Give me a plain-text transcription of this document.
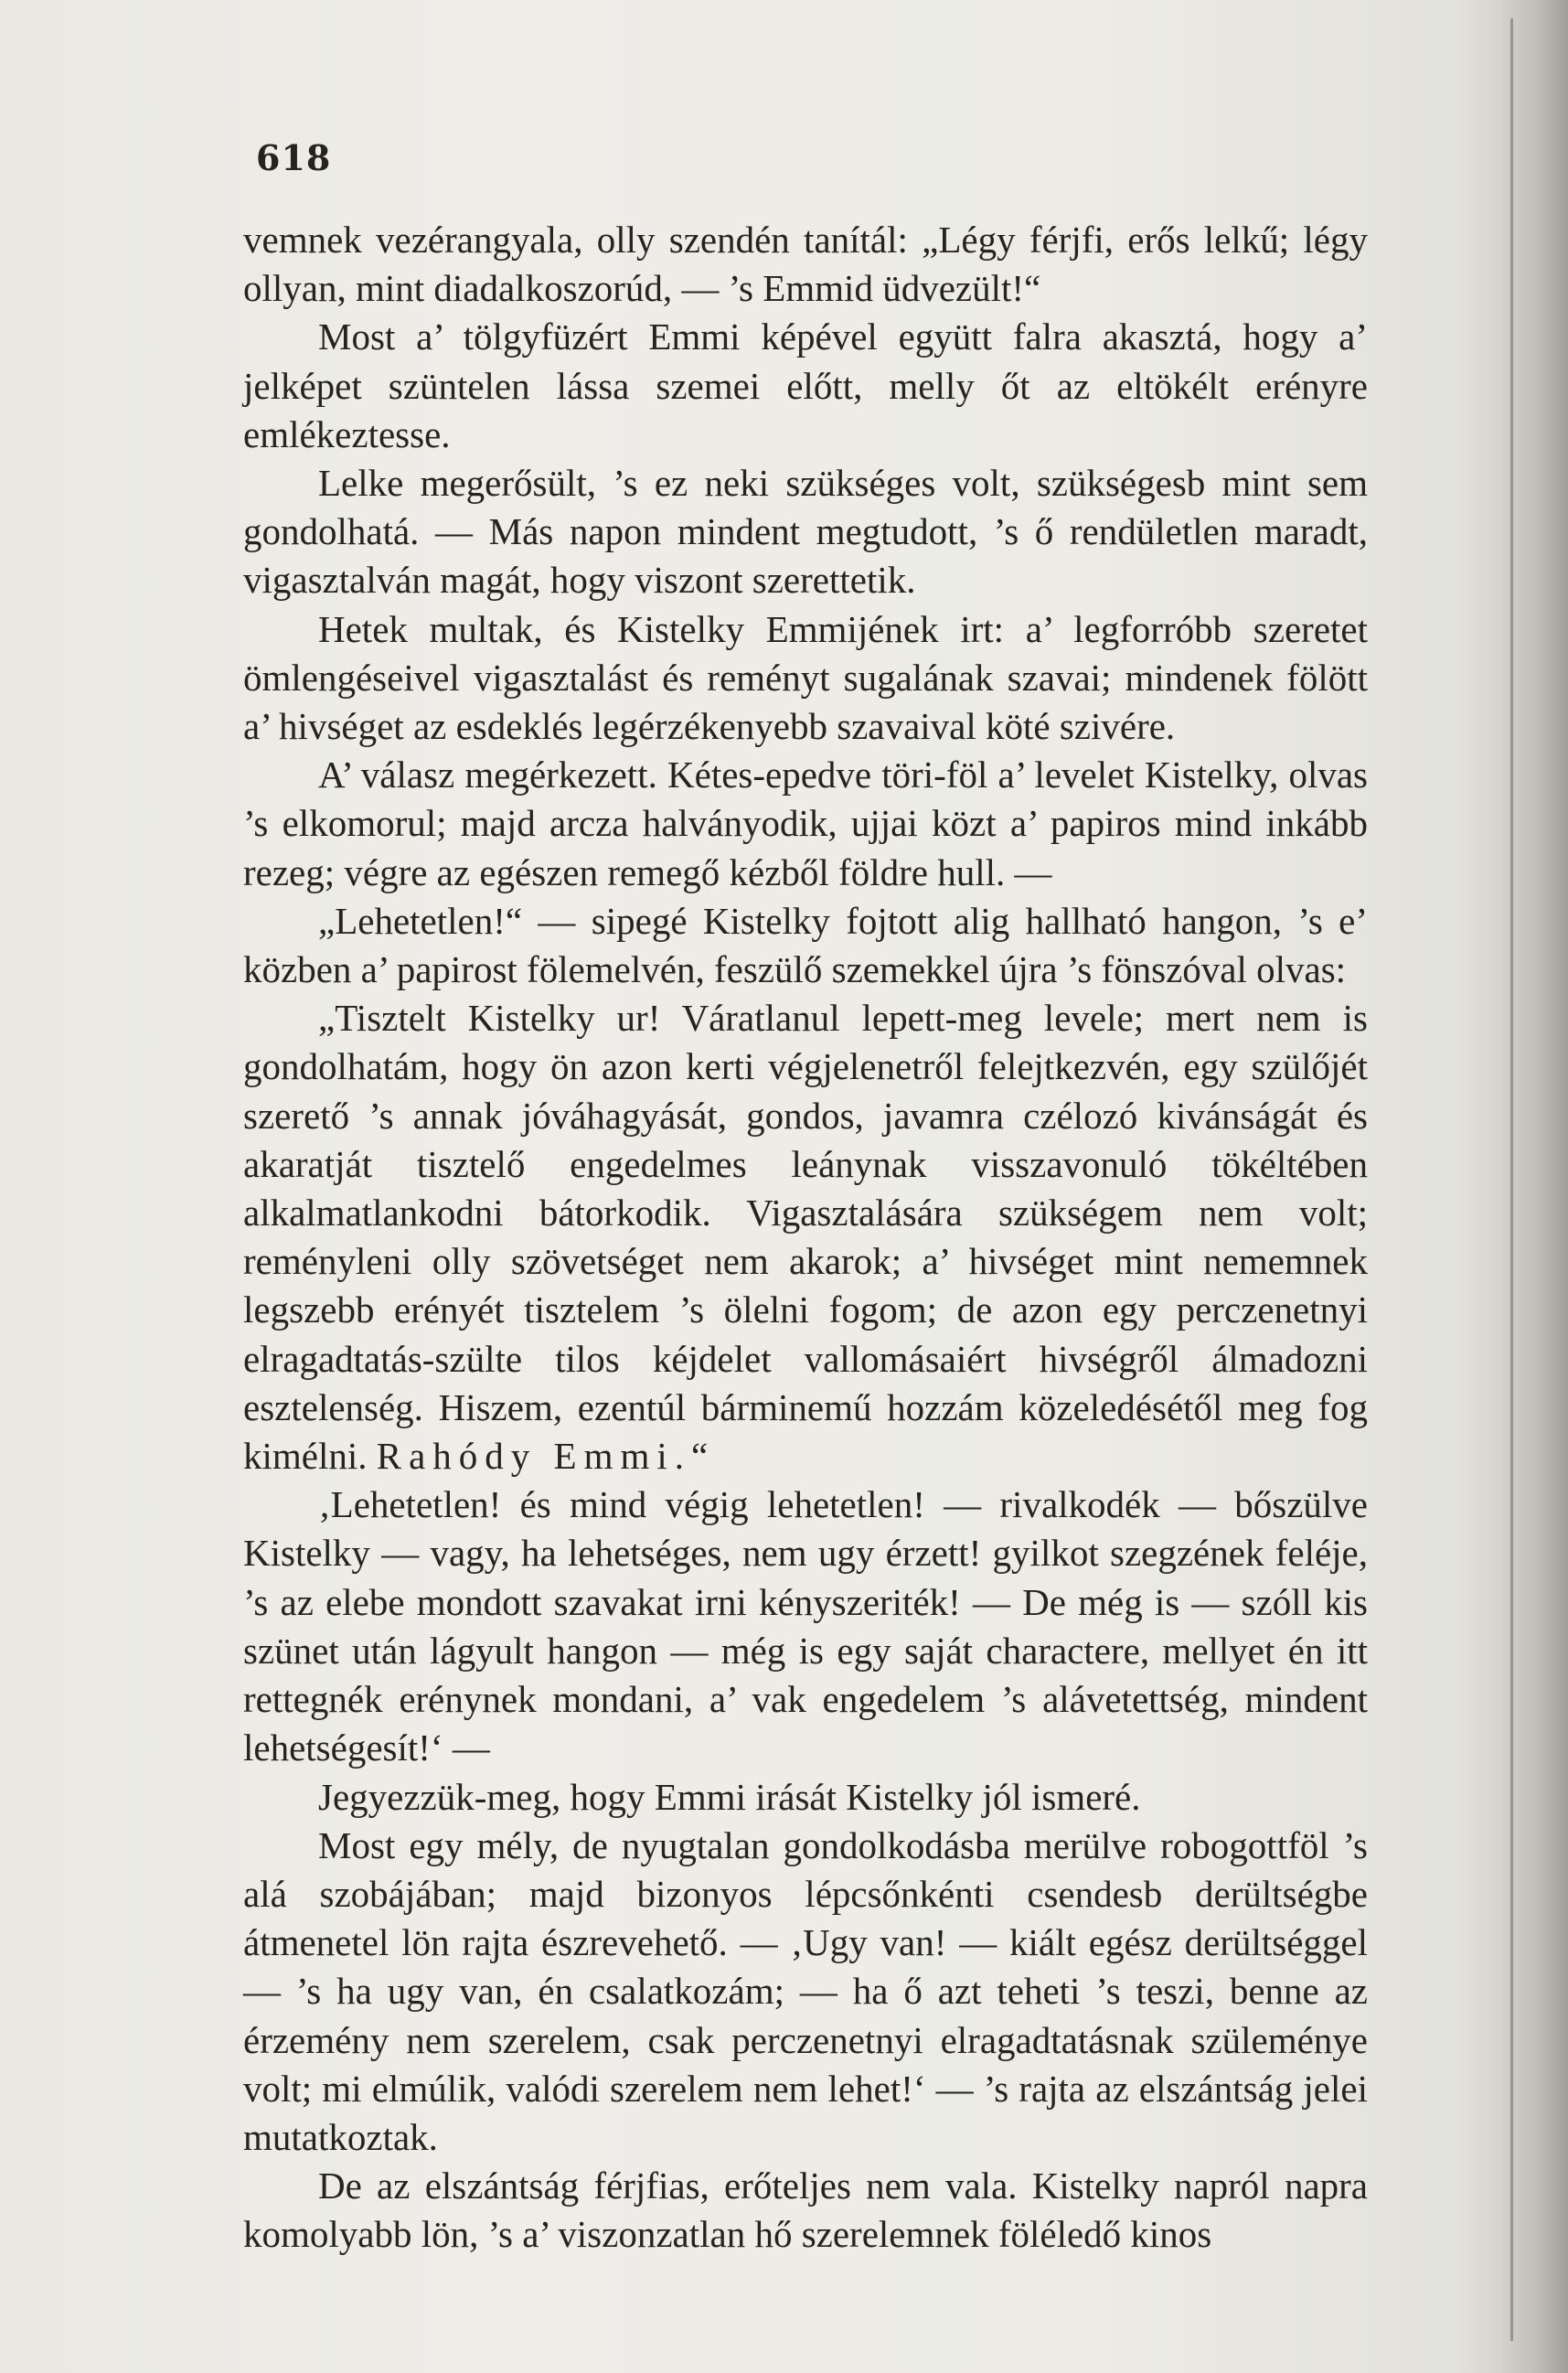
618

vemnek vezérangyala, olly szendén tanítál: „Légy férjfi, erős lelkű; légy ollyan, mint diadalkoszorúd, — ’s Emmid üdvezült!“

Most a’ tölgyfüzért Emmi képével együtt falra akasztá, hogy a’ jelképet szüntelen lássa szemei előtt, melly őt az eltökélt erényre emlékeztesse.

Lelke megerősült, ’s ez neki szükséges volt, szükségesb mint sem gondolhatá. — Más napon mindent megtudott, ’s ő rendületlen maradt, vigasztalván magát, hogy viszont szerettetik.

Hetek multak, és Kistelky Emmijének irt: a’ legforróbb szeretet ömlengéseivel vigasztalást és reményt sugalának szavai; mindenek fölött a’ hivséget az esdeklés legérzékenyebb szavaival köté szivére.

A’ válasz megérkezett. Kétes-epedve töri-föl a’ levelet Kistelky, olvas ’s elkomorul; majd arcza halványodik, ujjai közt a’ papiros mind inkább rezeg; végre az egészen remegő kézből földre hull. —

„Lehetetlen!“ — sipegé Kistelky fojtott alig hallható hangon, ’s e’ közben a’ papirost fölemelvén, feszülő szemekkel újra ’s fönszóval olvas:

„Tisztelt Kistelky ur! Váratlanul lepett-meg levele; mert nem is gondolhatám, hogy ön azon kerti végjelenetről felejtkezvén, egy szülőjét szerető ’s annak jóváhagyását, gondos, javamra czélozó kivánságát és akaratját tisztelő engedelmes leánynak visszavonuló tökéltében alkalmatlankodni bátorkodik. Vigasztalására szükségem nem volt; reményleni olly szövetséget nem akarok; a’ hivséget mint nememnek legszebb erényét tisztelem ’s ölelni fogom; de azon egy perczenetnyi elragadtatás-szülte tilos kéjdelet vallomásaiért hivségről álmadozni esztelenség. Hiszem, ezentúl bárminemű hozzám közeledésétől meg fog kimélni. Rahódy Emmi.“

‚Lehetetlen! és mind végig lehetetlen! — rivalkodék — bőszülve Kistelky — vagy, ha lehetséges, nem ugy érzett! gyilkot szegzének feléje, ’s az elebe mondott szavakat irni kényszeriték! — De még is — szóll kis szünet után lágyult hangon — még is egy saját charactere, mellyet én itt rettegnék erénynek mondani, a’ vak engedelem ’s alávetettség, mindent lehetségesít!‘ —

Jegyezzük-meg, hogy Emmi irását Kistelky jól ismeré.

Most egy mély, de nyugtalan gondolkodásba merülve robogottföl ’s alá szobájában; majd bizonyos lépcsőnkénti csendesb derültségbe átmenetel lön rajta észrevehető. — ‚Ugy van! — kiált egész derültséggel — ’s ha ugy van, én csalatkozám; — ha ő azt teheti ’s teszi, benne az érzemény nem szerelem, csak perczenetnyi elragadtatásnak szüleménye volt; mi elmúlik, valódi szerelem nem lehet!‘ — ’s rajta az elszántság jelei mutatkoztak.

De az elszántság férjfias, erőteljes nem vala. Kistelky napról napra komolyabb lön, ’s a’ viszonzatlan hő szerelemnek föléledő kinos
